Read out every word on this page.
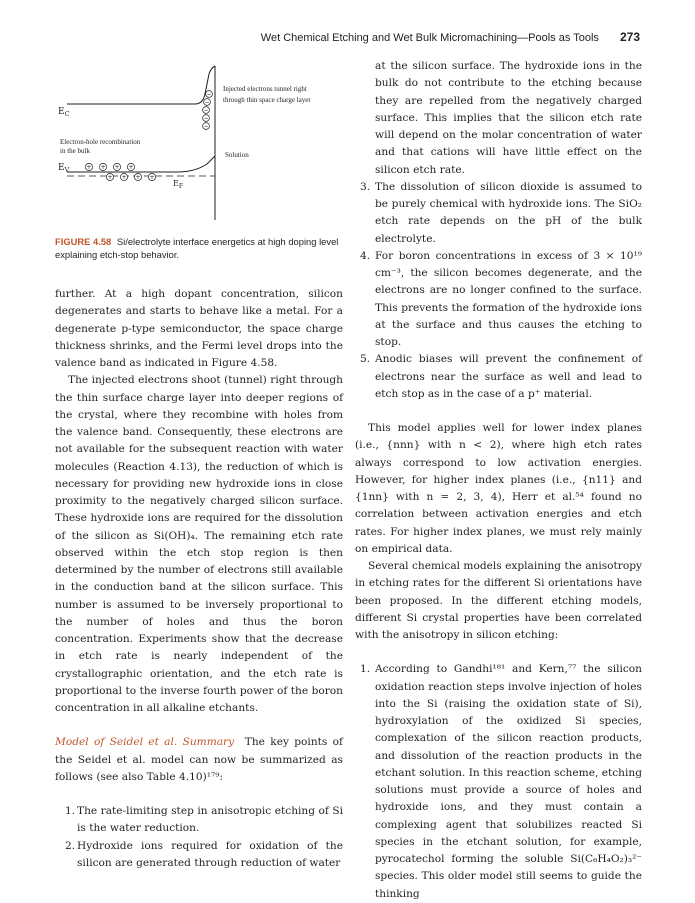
Wet Chemical Etching and Wet Bulk Micromachining—Pools as Tools 273
$E_C$
−
−
−
−
−
Injected electrons tunnel right
through thin space charge layer
Electron-hole recombination
in the bulk	Solution
$E_V$
$E_F$
+ + + +
+ + + +

FIGURE 4.58 Si/electrolyte interface energetics at high doping level explaining etch-stop behavior.

further. At a high dopant concentration, silicon degenerates and starts to behave like a metal. For a degenerate p-type semiconductor, the space charge thickness shrinks, and the Fermi level drops into the valence band as indicated in Figure 4.58.

The injected electrons shoot (tunnel) right through the thin surface charge layer into deeper regions of the crystal, where they recombine with holes from the valence band. Consequently, these electrons are not available for the subsequent reaction with water molecules (Reaction 4.13), the reduction of which is necessary for providing new hydroxide ions in close proximity to the negatively charged silicon surface. These hydroxide ions are required for the dissolution of the silicon as Si(OH)₄. The remaining etch rate observed within the etch stop region is then determined by the number of electrons still available in the conduction band at the silicon surface. This number is assumed to be inversely proportional to the number of holes and thus the boron concentration. Experiments show that the decrease in etch rate is nearly independent of the crystallographic orientation, and the etch rate is proportional to the inverse fourth power of the boron concentration in all alkaline etchants.

Model of Seidel et al. Summary The key points of the Seidel et al. model can now be summarized as follows (see also Table 4.10)¹⁷⁹:

1. The rate-limiting step in anisotropic etching of Si is the water reduction.
2. Hydroxide ions required for oxidation of the silicon are generated through reduction of water

at the silicon surface. The hydroxide ions in the bulk do not contribute to the etching because they are repelled from the negatively charged surface. This implies that the silicon etch rate will depend on the molar concentration of water and that cations will have little effect on the silicon etch rate.

3. The dissolution of silicon dioxide is assumed to be purely chemical with hydroxide ions. The SiO₂ etch rate depends on the pH of the bulk electrolyte.
4. For boron concentrations in excess of 3 × 10¹⁹ cm⁻³, the silicon becomes degenerate, and the electrons are no longer confined to the surface. This prevents the formation of the hydroxide ions at the surface and thus causes the etching to stop.
5. Anodic biases will prevent the confinement of electrons near the surface as well and lead to etch stop as in the case of a p⁺ material.

This model applies well for lower index planes (i.e., {nnn} with n < 2), where high etch rates always correspond to low activation energies. However, for higher index planes (i.e., {n11} and {1nn} with n = 2, 3, 4), Herr et al.⁵⁴ found no correlation between activation energies and etch rates. For higher index planes, we must rely mainly on empirical data.

Several chemical models explaining the anisotropy in etching rates for the different Si orientations have been proposed. In the different etching models, different Si crystal properties have been correlated with the anisotropy in silicon etching:

1. According to Gandhi¹⁸¹ and Kern,⁷⁷ the silicon oxidation reaction steps involve injection of holes into the Si (raising the oxidation state of Si), hydroxylation of the oxidized Si species, complexation of the silicon reaction products, and dissolution of the reaction products in the etchant solution. In this reaction scheme, etching solutions must provide a source of holes and hydroxide ions, and they must contain a complexing agent that solubilizes reacted Si species in the etchant solution, for example, pyrocatechol forming the soluble Si(C₆H₄O₂)₃²⁻ species. This older model still seems to guide the thinking
